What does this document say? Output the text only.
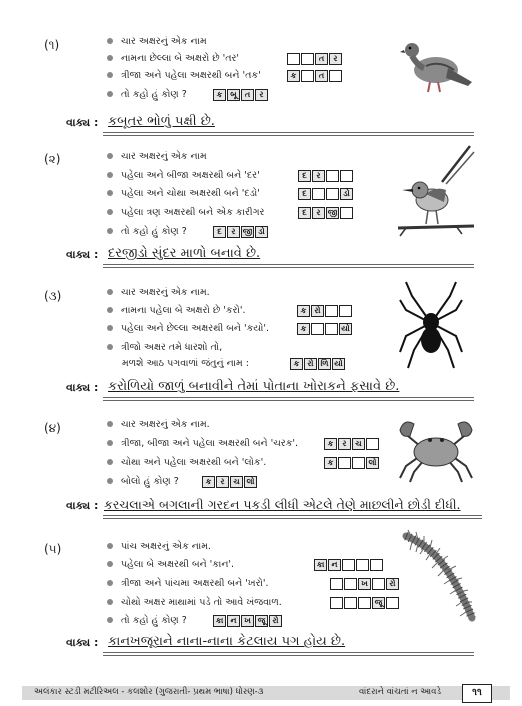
(૧)	ચાર અક્ષરનું એક નામ
નામના છેલ્લા બે અક્ષરો છે 'તર'
ત્રીજા અને પહેલા અક્ષરથી બને 'તક'
તો કહો હું કોણ ?
ત	ર
ક	ત
ક બૂ	ત	ર
વાક્ય : કબૂતર ભોળું પક્ષી છે.
(૨)	ચાર અક્ષરનું એક નામ
પહેલા અને બીજા અક્ષરથી બને 'દર'
પહેલા અને ચોથા અક્ષરથી બને 'દડો'
પહેલા ત્રણ અક્ષરથી બને એક કારીગર
તો કહો હું કોણ ?
દ	ર
દ	ડો
દ	ર જી
દ	ર જી ડો
વાક્ય : દરજીડો સુંદર માળો બનાવે છે.
(૩)	ચાર અક્ષરનું એક નામ.
નામના પહેલા બે અક્ષરો છે 'કરો'.
પહેલા અને છેલ્લા અક્ષરથી બને 'કયો'.
ત્રીજો અક્ષર તમે ધારશો તો,
મળશે આઠ પગવાળાં જંતુનું નામ :
ક	રો
ક	યો
ક	રો ળિ યો
વાક્ય : કરોળિયો જાળું બનાવીને તેમાં પોતાના ખોરાકને ફસાવે છે.
(૪)	ચાર અક્ષરનું એક નામ.
ત્રીજા, બીજા અને પહેલા અક્ષરથી બને 'ચરક'.
ચોથા અને પહેલા અક્ષરથી બને 'લોક'.
બોલો હું કોણ ?
ક	ર	ચ
ક	લો
ક	ર	ચ લો
વાક્ય : કરચલાએ બગલાની ગરદન પકડી લીધી એટલે તેણે માછલીને છોડી દીધી.
(૫)	પાંચ અક્ષરનું એક નામ.
પહેલા બે અક્ષરથી બને 'કાન'.
ત્રીજા અને પાંચમા અક્ષરથી બને 'ખરો'.
ચોથો અક્ષર માથામાં પડે તો આવે ખંજવાળ.
તો કહો હું કોણ ?
કા ન
ખ	રો
જૂ
કા ન ખ જૂ રો
વાક્ય : કાનખજૂરાને નાના-નાના કેટલાય પગ હોય છે.
અલંકાર સ્ટડી મટીરિઅલ - કલશોર (ગુજરાતી- પ્રથમ ભાષા) ધોરણ-૩	વાંદરાને વાંચતાં ન આવડે	૧૧
